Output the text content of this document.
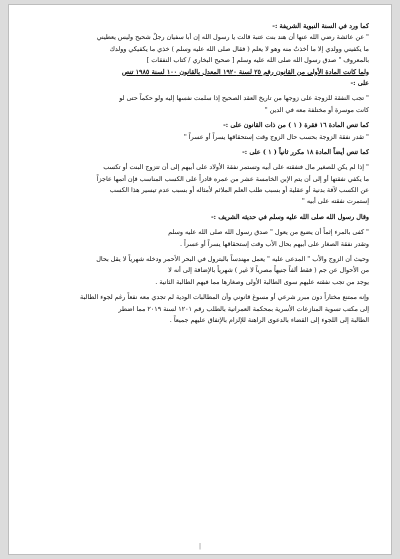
كما ورد في السنة النبوية الشريفة :-
" عن عائشة رضي الله عنها أن هند بنت عتبة قالت يا رسول الله إن أبا سفيان رجلٌ شحيح وليس يعطيني
ما يكفيني وولدي إلا ما أخذتُ منه وهو لا يعلم ( فقال صلى الله عليه وسلم ) خذي ما يكفيكي وولدك
بالمعروف " صدق رسول الله صلى الله عليه وسلم [ صحيح البخاري / كتاب النفقات ]
ولما كانت المادة الأولى من القانون رقم ٢٥ لسنة ١٩٢٠ المعدل بالقانون ١٠٠ لسنة ١٩٨٥ تنص
على :-
" تجب النفقة للزوجة على زوجها من تاريخ العقد الصحيح إذا سلمت نفسها إليه ولو حكماً حتى لو
كانت موسرة أو مختلفة معه في الدين "
كما تنص المادة ١٦ فقرة ( ١ ) من ذات القانون على :-
" تقدر نفقة الزوجة بحسب حال الزوج وقت إستحقاقها يسراً أو عسراً "
كما تنص أيضاً المادة ١٨ مكرر ثانياً ( ١ ) على :-
" إذا لم يكن للصغير مال فنفقته على أبيه وتستمر نفقة الأولاد على أبيهم إلى أن تتزوج البنت أو تكسب
ما يكفي نفقتها أو إلى أن يتم الإبن الخامسة عشر من عمره قادراً على الكسب المناسب فإن أتمها عاجزاً
عن الكسب لآفة بدنية أو عقلية أو بسبب طلب العلم الملائم لأمثاله أو بسبب عدم تيسير هذا الكسب
إستمرت نفقته على أبيه "
وقال رسول الله صلى الله عليه وسلم في حديثه الشريف :-
" كفى بالمرء إثماً أن يضيع من يعول " صدق رسول الله صلى الله عليه وسلم
وتقدر نفقة الصغار على أبيهم بحال الأب وقت إستحقاقها يسراً أو عسراً .
وحيث أن الزوج والأب " المدعى عليه " يعمل مهندساً بالبترول في البحر الأحمر ودخله شهرياً لا يقل بحال
من الأحوال عن جم ( فقط ألفاً جنيهاً مصرياً لا غير ) شهرياً بالإضافة إلى أنه لا
يوجد من تجب نفقته عليهم سوى الطالبة الأولى وصغارها مما فيهم الطالبة الثانية .
وإنه ممتنع مختاراً دون مبرر شرعي أو مسوغ قانوني وأن المطالبات الودية لم تجدي معه نفعاً رغم لجوء الطالبة
إلى مكتب تسوية المنازعات الأسرية بمحكمة العمرانية بالطلب رقم ١٢٠١ لسنة ٢٠١٩ مما اضطر
الطالبة إلى اللجوء إلى القضاء بالدعوى الراهنة للإلزام بالإتفاق عليهم جميعاً .
|
